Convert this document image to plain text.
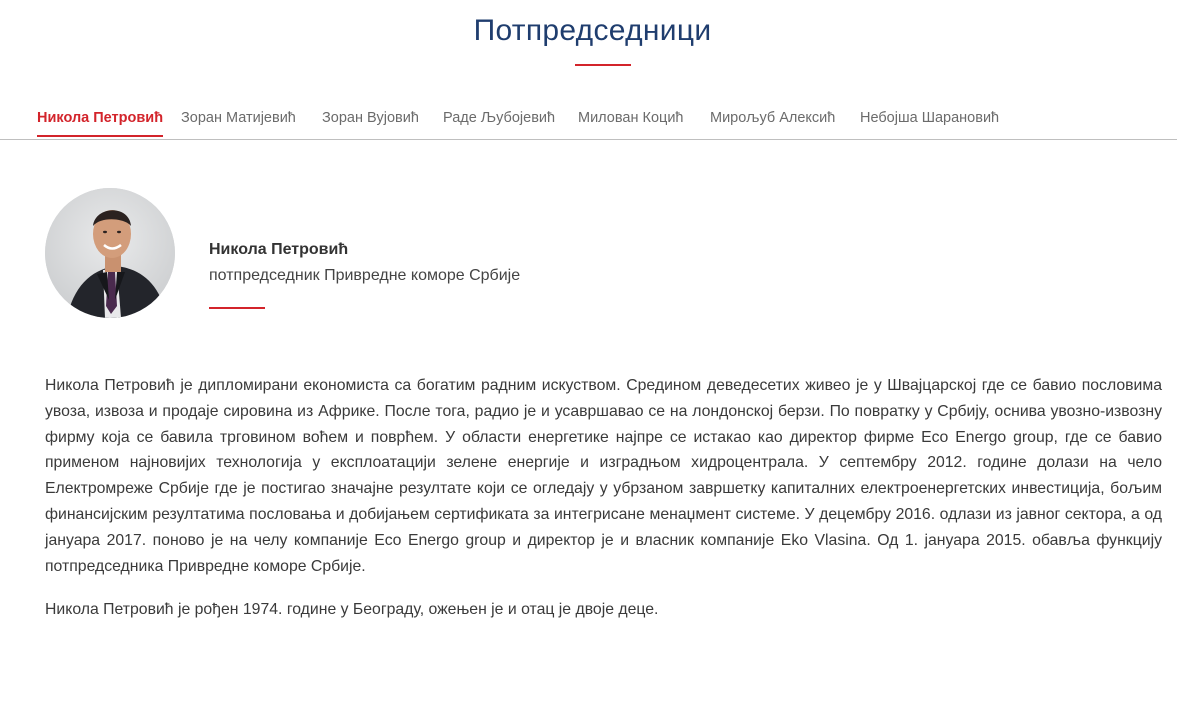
Потпредседници
Никола Петровић Зоран Матијевић Зоран Вујовић Раде Љубојевић Милован Коцић Мирољуб Алексић Небојша Шарановић
Никола Петровић
потпредседник Привредне коморе Србије

Никола Петровић је дипломирани економиста са богатим радним искуством. Средином деведесетих живео је у Швајцарској где се бавио пословима увоза, извоза и продаје сировина из Африке. После тога, радио је и усавршавао се на лондонској берзи. По повратку у Србију, оснива увозно-извозну фирму која се бавила трговином воћем и поврћем. У области енергетике најпре се истакао као директор фирме Eco Energo group, где се бавио применом најновијих технологија у експлоатацији зелене енергије и изградњом хидроцентрала. У септембру 2012. године долази на чело Електромреже Србије где је постигао значајне резултате који се огледају у убрзаном завршетку капиталних електроенергетских инвестиција, бољим финансијским резултатима пословања и добијањем сертификата за интегрисане менаџмент системе. У децембру 2016. одлази из јавног сектора, а од јануара 2017. поново је на челу компаније Eco Energo group и директор је и власник компаније Eko Vlasina. Од 1. јануара 2015. обавља функцију потпредседника Привредне коморе Србије.

Никола Петровић је рођен 1974. године у Београду, ожењен је и отац је двоје деце.
